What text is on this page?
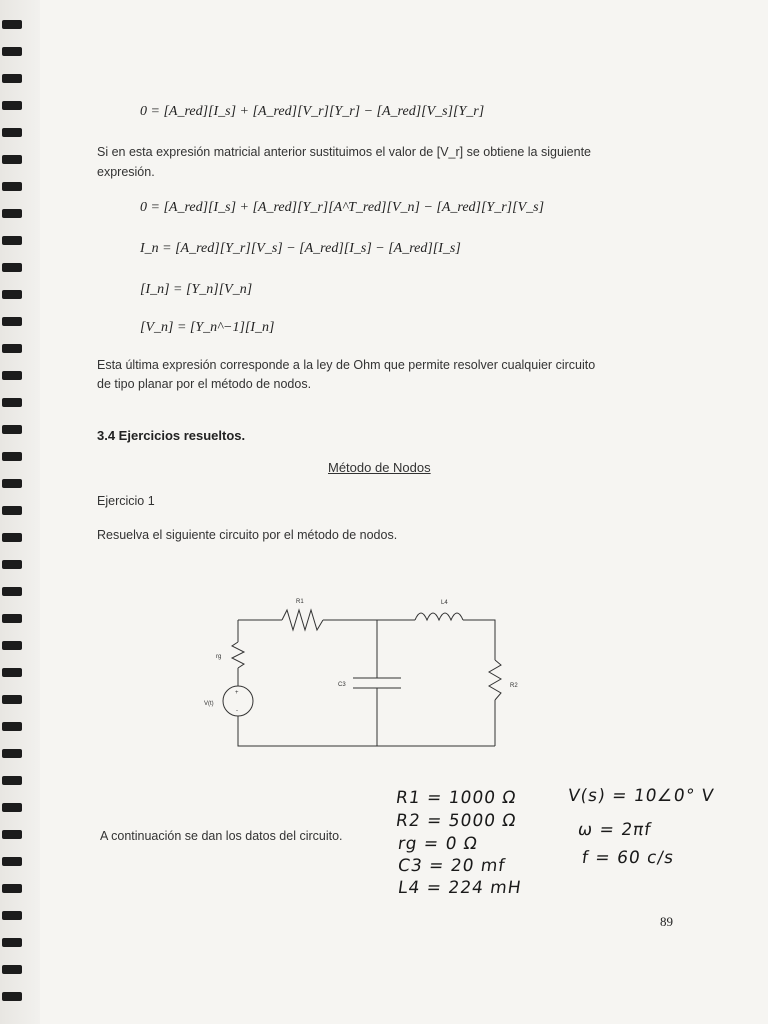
0 = [A_red][I_s] + [A_red][V_r][Y_r] − [A_red][V_s][Y_r]
Si en esta expresión matricial anterior sustituimos el valor de [V_r] se obtiene la siguiente
expresión.
0 = [A_red][I_s] + [A_red][Y_r][A^T_red][V_n] − [A_red][Y_r][V_s]
I_n = [A_red][Y_r][V_s] − [A_red][I_s] − [A_red][I_s]
[I_n] = [Y_n][V_n]
[V_n] = [Y_n^−1][I_n]
Esta última expresión corresponde a la ley de Ohm que permite resolver cualquier circuito
de tipo planar por el método de nodos.
3.4 Ejercicios resueltos.
Método de Nodos
Ejercicio 1
Resuelva el siguiente circuito por el método de nodos.
R1	L4
rg
C3	R2
V(t)
+
-
A continuación se dan los datos del circuito.
R1 = 1000 Ω
R2 = 5000 Ω
rg = 0 Ω
C3 = 20 mf
L4 = 224 mH
V(s) = 10∠0° V
ω = 2πf
f = 60 c/s
89
